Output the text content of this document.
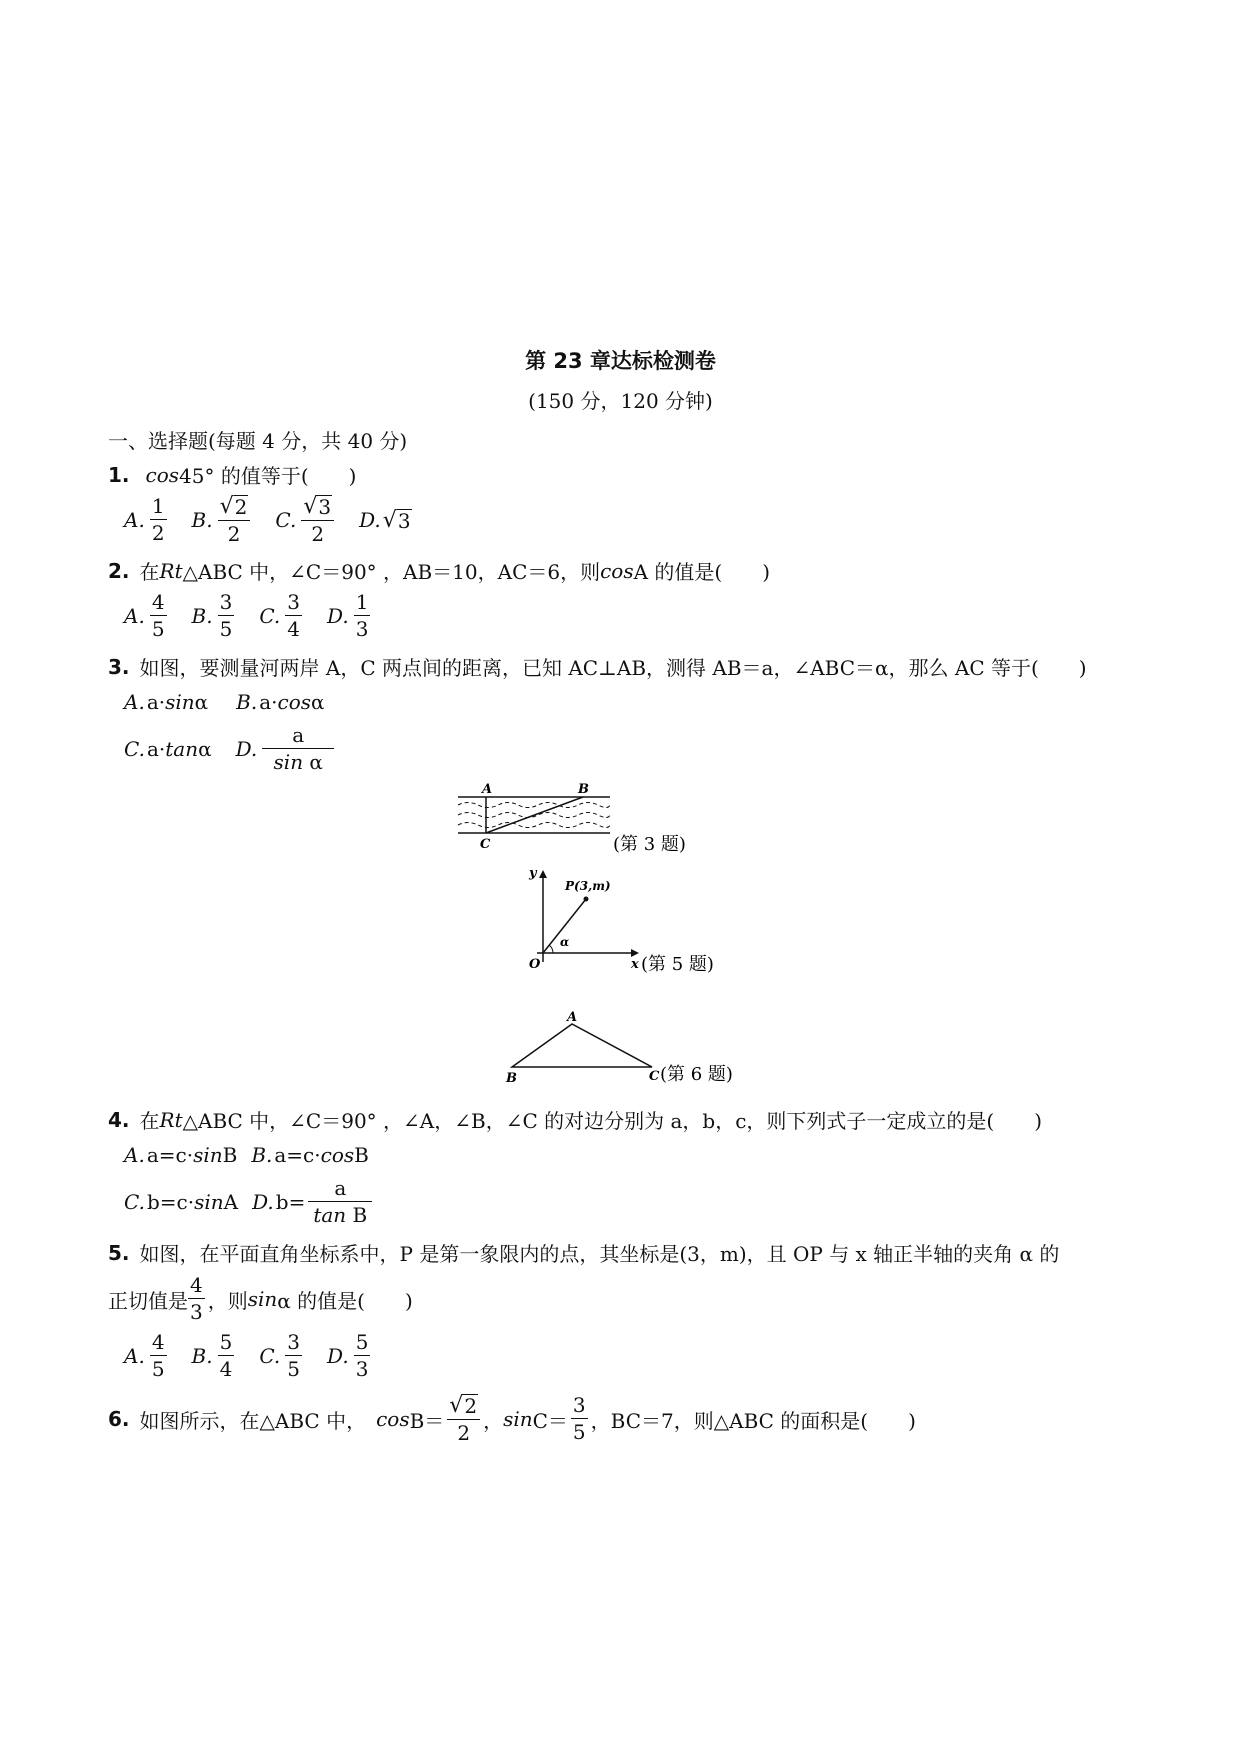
第 23 章达标检测卷
(150 分，120 分钟)
一、选择题(每题 4 分，共 40 分)
1. cos 45° 的值等于(　　)
A. $\frac{1}{2} B$. $\frac{√ 2}{2} C$. $\frac{√ 3}{2} D$. √ 3
2. 在 Rt △ABC 中，∠C＝90° ，AB＝10，AC＝6，则 cos A 的值是(　　)
A. $\frac{4}{5} B$. $\frac{3}{5} C$. $\frac{3}{4} D$. $\frac{1}{3}$
3. 如图，要测量河两岸 A，C 两点间的距离，已知 AC⊥AB，测得 AB＝a，∠ABC＝α，那么 AC 等于(　　)
A. a· sin α B. a· cos α
C. a· tan α D. $\frac{a}{\text{sin α}}$
A	B
C	(第 3 题)
y
x
O
P(3,m)
α
(第 5 题)
A
B	C (第 6 题)
4. 在 Rt △ABC 中，∠C＝90° ，∠A，∠B，∠C 的对边分别为 a，b，c，则下列式子一定成立的是(　　)
A. a=c· sin B B. a=c· cos B
C. b=c· sin A D. $b= \frac{a}{\text{tan B}}$
5. 如图，在平面直角坐标系中，P 是第一象限内的点，其坐标是(3，m)，且 OP 与 x 轴正半轴的夹角 α 的
正切值是 $\frac{4}{3}$ ，则 sin α 的值是(　　)
A. $\frac{4}{5} B$. $\frac{5}{4} C$. $\frac{3}{5} D$. $\frac{5}{3}$
6. 如图所示，在△ABC 中，　 $\cos B= \frac{√ 2}{2}$ ， $\sin C= \frac{3}{5}$ ，BC＝7，则△ABC 的面积是(　　)
